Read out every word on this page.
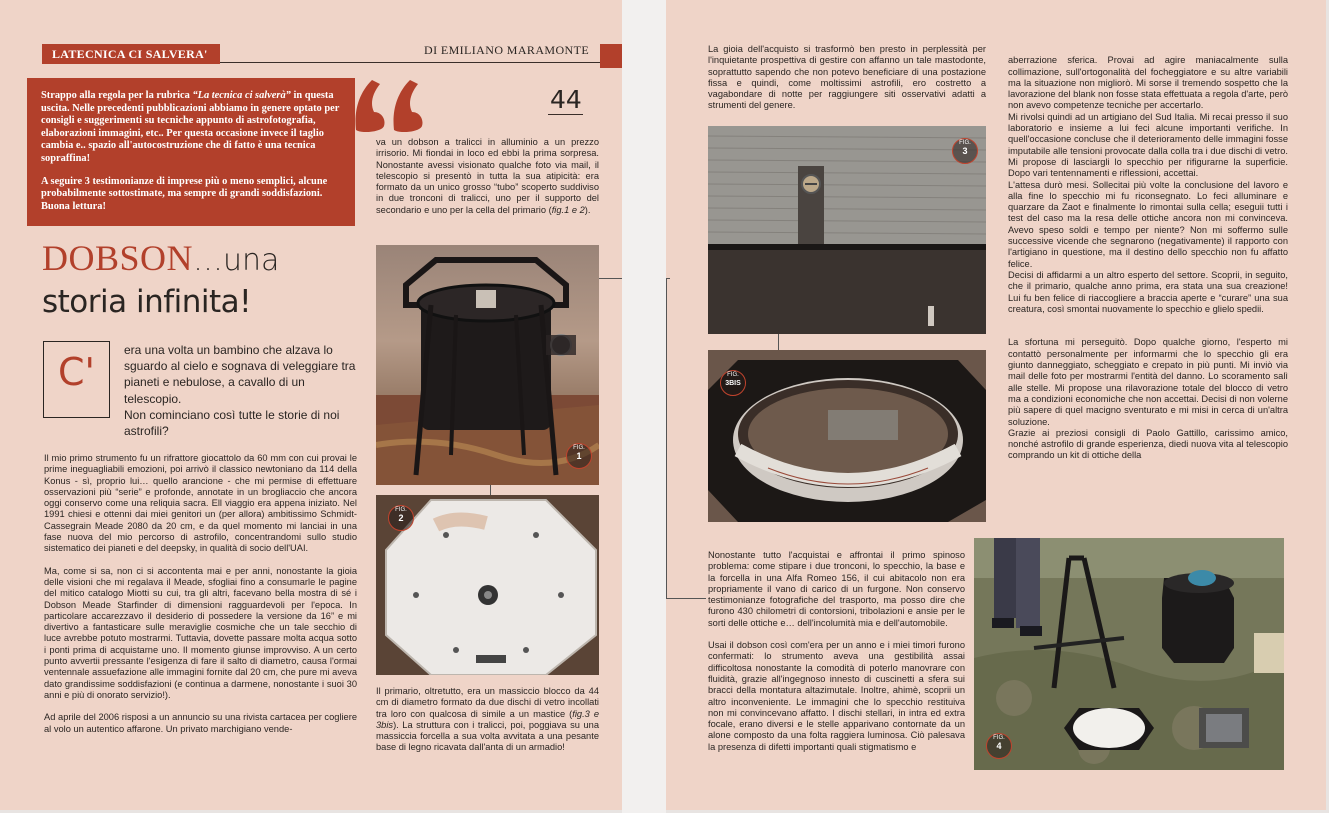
LATECNICA CI SALVERA'	DI EMILIANO MARAMONTE

Strappo alla regola per la rubrica “La tecnica ci salverà” in questa uscita. Nelle precedenti pubblicazioni abbiamo in genere optato per consigli e suggerimenti su tecniche appunto di astrofotografia, elaborazioni immagini, etc.. Per questa occasione invece il taglio cambia e.. spazio all'autocostruzione che di fatto è una tecnica sopraffina!

A seguire 3 testimonianze di imprese più o meno semplici, alcune probabilmente sottostimate, ma sempre di grandi soddisfazioni. Buona lettura!

44
DOBSON…una
storia infinita!
C' era una volta un bambino che alzava lo sguardo al cielo e sognava di veleggiare tra pianeti e nebulose, a cavallo di un telescopio.
Non cominciano così tutte le storie di noi astrofili?

Il mio primo strumento fu un rifrattore giocattolo da 60 mm con cui provai le prime ineguagliabili emozioni, poi arrivò il classico newtoniano da 114 della Konus - sì, proprio lui… quello arancione - che mi permise di effettuare osservazioni più “serie” e profonde, annotate in un brogliaccio che ancora oggi conservo come una reliquia sacra. Ell viaggio era appena iniziato. Nel 1991 chiesi e ottenni dai miei genitori un (per allora) ambitissimo Schmidt-Cassegrain Meade 2080 da 20 cm, e da quel momento mi lanciai in una fase nuova del mio percorso di astrofilo, concentrandomi sullo studio sistematico dei pianeti e del deepsky, in qualità di socio dell'UAI.

Ma, come si sa, non ci si accontenta mai e per anni, nonostante la gioia delle visioni che mi regalava il Meade, sfogliai fino a consumarle le pagine del mitico catalogo Miotti su cui, tra gli altri, facevano bella mostra di sé i Dobson Meade Starfinder di dimensioni ragguardevoli per l'epoca. In particolare accarezzavo il desiderio di possedere la versione da 16” e mi divertivo a fantasticare sulle meraviglie cosmiche che un tale secchio di luce avrebbe potuto mostrarmi. Tuttavia, dovette passare molta acqua sotto i ponti prima di acquistarne uno. Il momento giunse improvviso. A un certo punto avvertii pressante l'esigenza di fare il salto di diametro, causa l'ormai ventennale assuefazione alle immagini fornite dal 20 cm, che pure mi aveva dato grandissime soddisfazioni (e continua a darmene, nonostante i suoi 30 anni e più di onorato servizio!).

Ad aprile del 2006 risposi a un annuncio su una rivista cartacea per cogliere al volo un autentico affarone. Un privato marchigiano vende-

va un dobson a tralicci in alluminio a un prezzo irrisorio. Mi fiondai in loco ed ebbi la prima sorpresa. Nonostante avessi visionato qualche foto via mail, il telescopio si presentò in tutta la sua atipicità: era formato da un unico grosso “tubo” scoperto suddiviso in due tronconi di tralicci, uno per il supporto del secondario e uno per la cella del primario (fig.1 e 2).

FIG.
1
FIG.
2

Il primario, oltretutto, era un massiccio blocco da 44 cm di diametro formato da due dischi di vetro incollati tra loro con qualcosa di simile a un mastice (fig.3 e 3bis). La struttura con i tralicci, poi, poggiava su una massiccia forcella a sua volta avvitata a una pesante base di legno ricavata dall'anta di un armadio!

La gioia dell'acquisto si trasformò ben presto in perplessità per l'inquietante prospettiva di gestire con affanno un tale mastodonte, soprattutto sapendo che non potevo beneficiare di una postazione fissa e quindi, come moltissimi astrofili, ero costretto a vagabondare di notte per raggiungere siti osservativi adatti a strumenti del genere.

FIG.
3
FIG.
3BIS

Nonostante tutto l'acquistai e affrontai il primo spinoso problema: come stipare i due tronconi, lo specchio, la base e la forcella in una Alfa Romeo 156, il cui abitacolo non era propriamente il vano di carico di un furgone. Non conservo testimonianze fotografiche del trasporto, ma posso dire che furono 430 chilometri di contorsioni, tribolazioni e ansie per le sorti delle ottiche e… dell'incolumità mia e dell'automobile.

Usai il dobson così com'era per un anno e i miei timori furono confermati: lo strumento aveva una gestibilità assai difficoltosa nonostante la comodità di poterlo manovrare con fluidità, grazie all'ingegnoso innesto di cuscinetti a sfera sui bracci della montatura altazimutale. Inoltre, ahimè, scoprii un altro inconveniente. Le immagini che lo specchio restituiva non mi convincevano affatto. I dischi stellari, in intra ed extra focale, erano diversi e le stelle apparivano contornate da un alone composto da una folta raggiera luminosa. Ciò palesava la presenza di difetti importanti quali stigmatismo e

aberrazione sferica. Provai ad agire maniacalmente sulla collimazione, sull'ortogonalità del focheggiatore e su altre variabili ma la situazione non migliorò. Mi sorse il tremendo sospetto che la lavorazione del blank non fosse stata effettuata a regola d'arte, però non avevo competenze tecniche per accertarlo.
Mi rivolsi quindi ad un artigiano del Sud Italia. Mi recai presso il suo laboratorio e insieme a lui feci alcune importanti verifiche. In quell'occasione concluse che il deterioramento delle immagini fosse imputabile alle tensioni provocate dalla colla tra i due dischi di vetro. Mi propose di lasciargli lo specchio per rifigurarne la superficie. Dopo vari tentennamenti e riflessioni, accettai.
L'attesa durò mesi. Sollecitai più volte la conclusione del lavoro e alla fine lo specchio mi fu riconsegnato. Lo feci alluminare e quarzare da Zaot e finalmente lo rimontai sulla cella; eseguii tutti i test del caso ma la resa delle ottiche ancora non mi convinceva. Avevo speso soldi e tempo per niente? Non mi soffermo sulle successive vicende che segnarono (negativamente) il rapporto con l'artigiano in questione, ma il destino dello specchio non fu affatto felice.
Decisi di affidarmi a un altro esperto del settore. Scoprii, in seguito, che il primario, qualche anno prima, era stata una sua creazione! Lui fu ben felice di riaccogliere a braccia aperte e “curare” una sua creatura, così smontai nuovamente lo specchio e glielo spedii.

La sfortuna mi perseguitò. Dopo qualche giorno, l'esperto mi contattò personalmente per informarmi che lo specchio gli era giunto danneggiato, scheggiato e crepato in più punti. Mi inviò via mail delle foto per mostrarmi l'entità del danno. Lo scoramento salì alle stelle. Mi propose una rilavorazione totale del blocco di vetro ma a condizioni economiche che non accettai. Decisi di non volerne più sapere di quel macigno sventurato e mi misi in cerca di un'altra soluzione.
Grazie ai preziosi consigli di Paolo Gattillo, carissimo amico, nonché astrofilo di grande esperienza, diedi nuova vita al telescopio comprando un kit di ottiche della

FIG.
4
